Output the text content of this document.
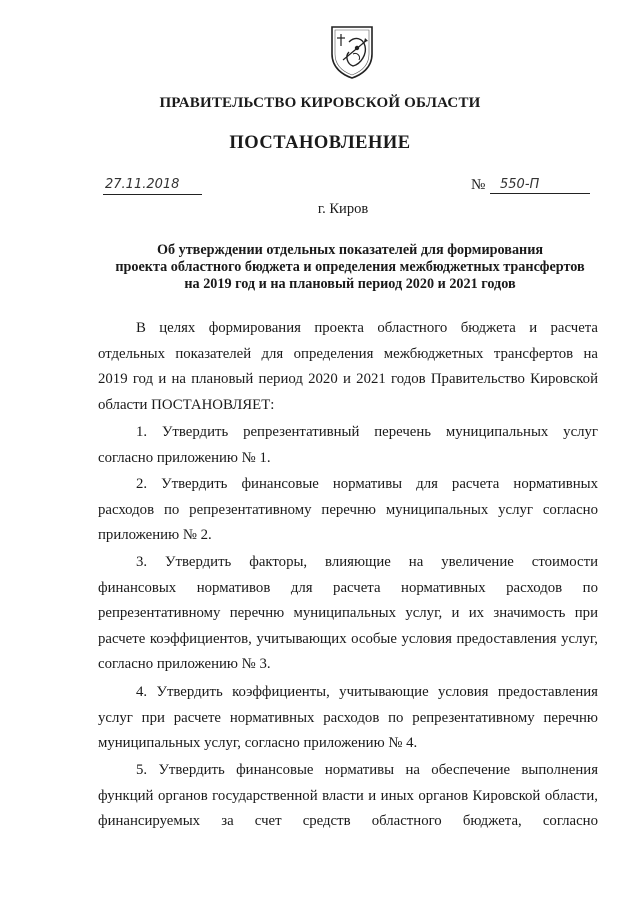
ПРАВИТЕЛЬСТВО КИРОВСКОЙ ОБЛАСТИ
ПОСТАНОВЛЕНИЕ
27.11.2018	№	550-П
г. Киров
Об утверждении отдельных показателей для формирования
проекта областного бюджета и определения межбюджетных трансфертов
на 2019 год и на плановый период 2020 и 2021 годов
В целях формирования проекта областного бюджета и расчета
отдельных показателей для определения межбюджетных трансфертов на
2019 год и на плановый период 2020 и 2021 годов Правительство Кировской
области ПОСТАНОВЛЯЕТ:
1. Утвердить репрезентативный перечень муниципальных услуг
согласно приложению № 1.
2. Утвердить финансовые нормативы для расчета нормативных
расходов по репрезентативному перечню муниципальных услуг согласно
приложению № 2.
3. Утвердить факторы, влияющие на увеличение стоимости
финансовых нормативов для расчета нормативных расходов по
репрезентативному перечню муниципальных услуг, и их значимость при
расчете коэффициентов, учитывающих особые условия предоставления услуг,
согласно приложению № 3.
4. Утвердить коэффициенты, учитывающие условия предоставления
услуг при расчете нормативных расходов по репрезентативному перечню
муниципальных услуг, согласно приложению № 4.
5. Утвердить финансовые нормативы на обеспечение выполнения
функций органов государственной власти и иных органов Кировской области,
финансируемых за счет средств областного бюджета, согласно
